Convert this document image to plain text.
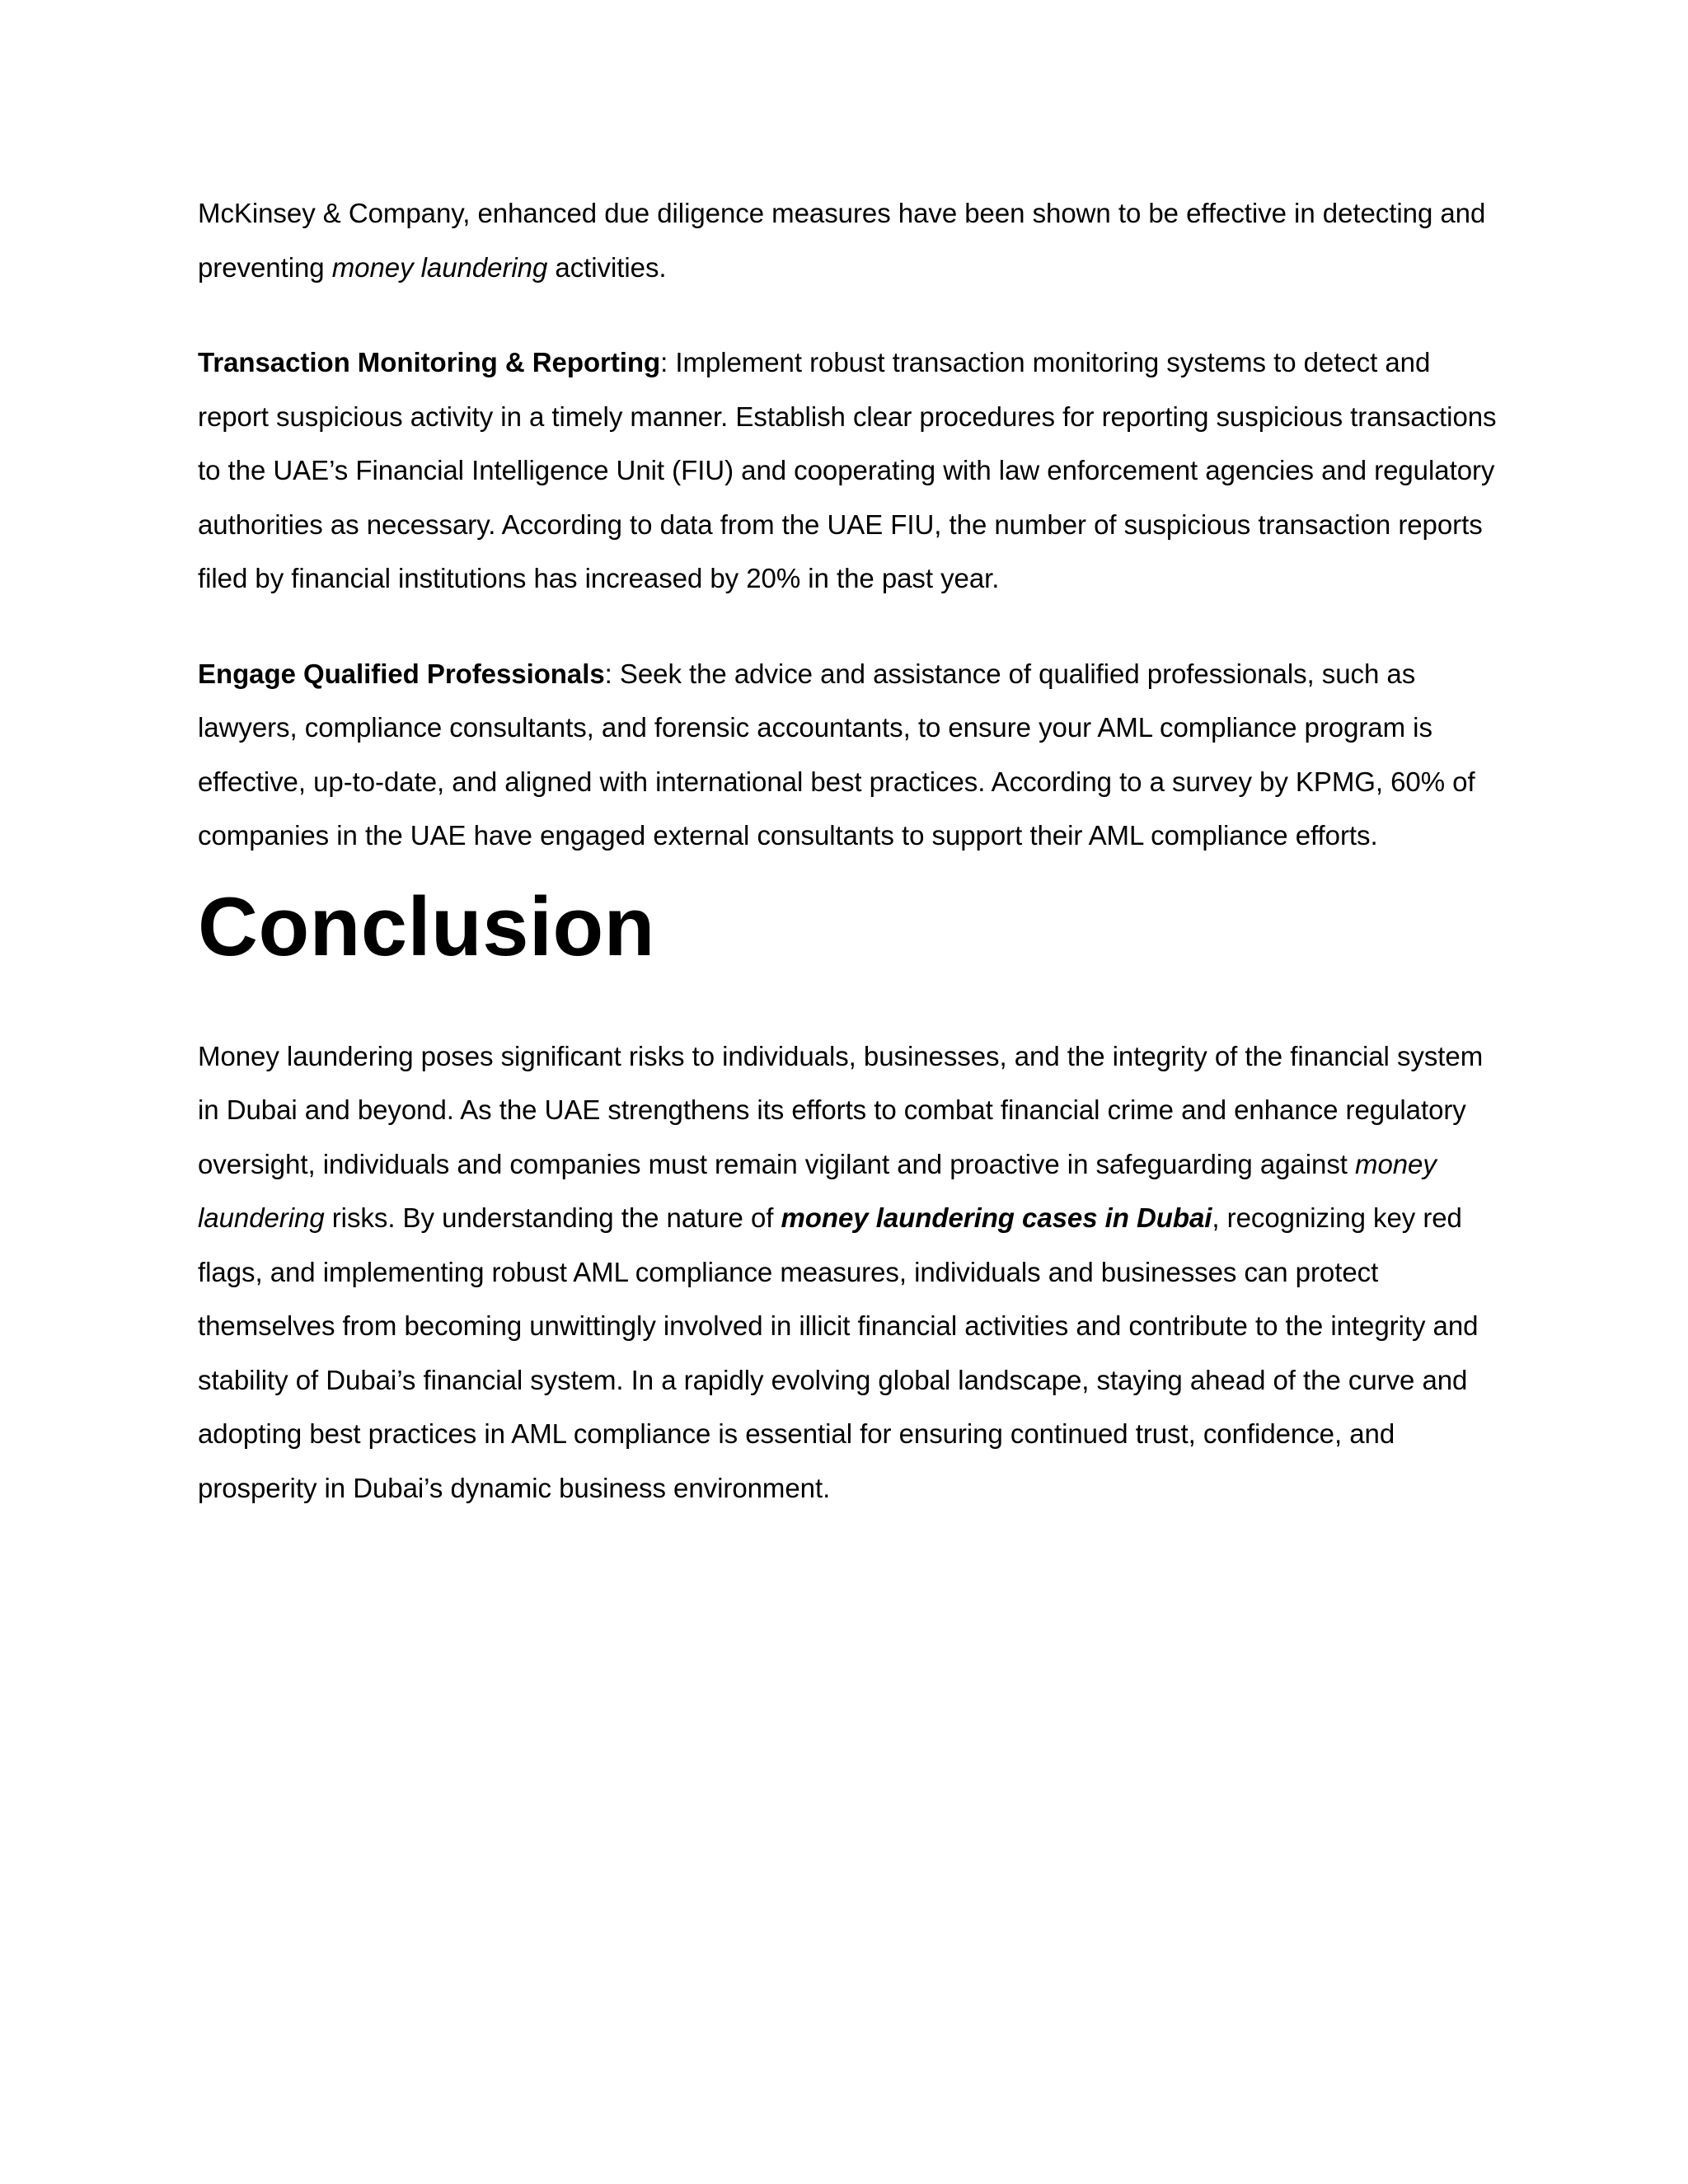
McKinsey & Company, enhanced due diligence measures have been shown to be effective in detecting and preventing money laundering activities.

Transaction Monitoring & Reporting: Implement robust transaction monitoring systems to detect and report suspicious activity in a timely manner. Establish clear procedures for reporting suspicious transactions to the UAE’s Financial Intelligence Unit (FIU) and cooperating with law enforcement agencies and regulatory authorities as necessary. According to data from the UAE FIU, the number of suspicious transaction reports filed by financial institutions has increased by 20% in the past year.

Engage Qualified Professionals: Seek the advice and assistance of qualified professionals, such as lawyers, compliance consultants, and forensic accountants, to ensure your AML compliance program is effective, up-to-date, and aligned with international best practices. According to a survey by KPMG, 60% of companies in the UAE have engaged external consultants to support their AML compliance efforts.

Conclusion

Money laundering poses significant risks to individuals, businesses, and the integrity of the financial system in Dubai and beyond. As the UAE strengthens its efforts to combat financial crime and enhance regulatory oversight, individuals and companies must remain vigilant and proactive in safeguarding against money laundering risks. By understanding the nature of money laundering cases in Dubai, recognizing key red flags, and implementing robust AML compliance measures, individuals and businesses can protect themselves from becoming unwittingly involved in illicit financial activities and contribute to the integrity and stability of Dubai’s financial system. In a rapidly evolving global landscape, staying ahead of the curve and adopting best practices in AML compliance is essential for ensuring continued trust, confidence, and prosperity in Dubai’s dynamic business environment.
